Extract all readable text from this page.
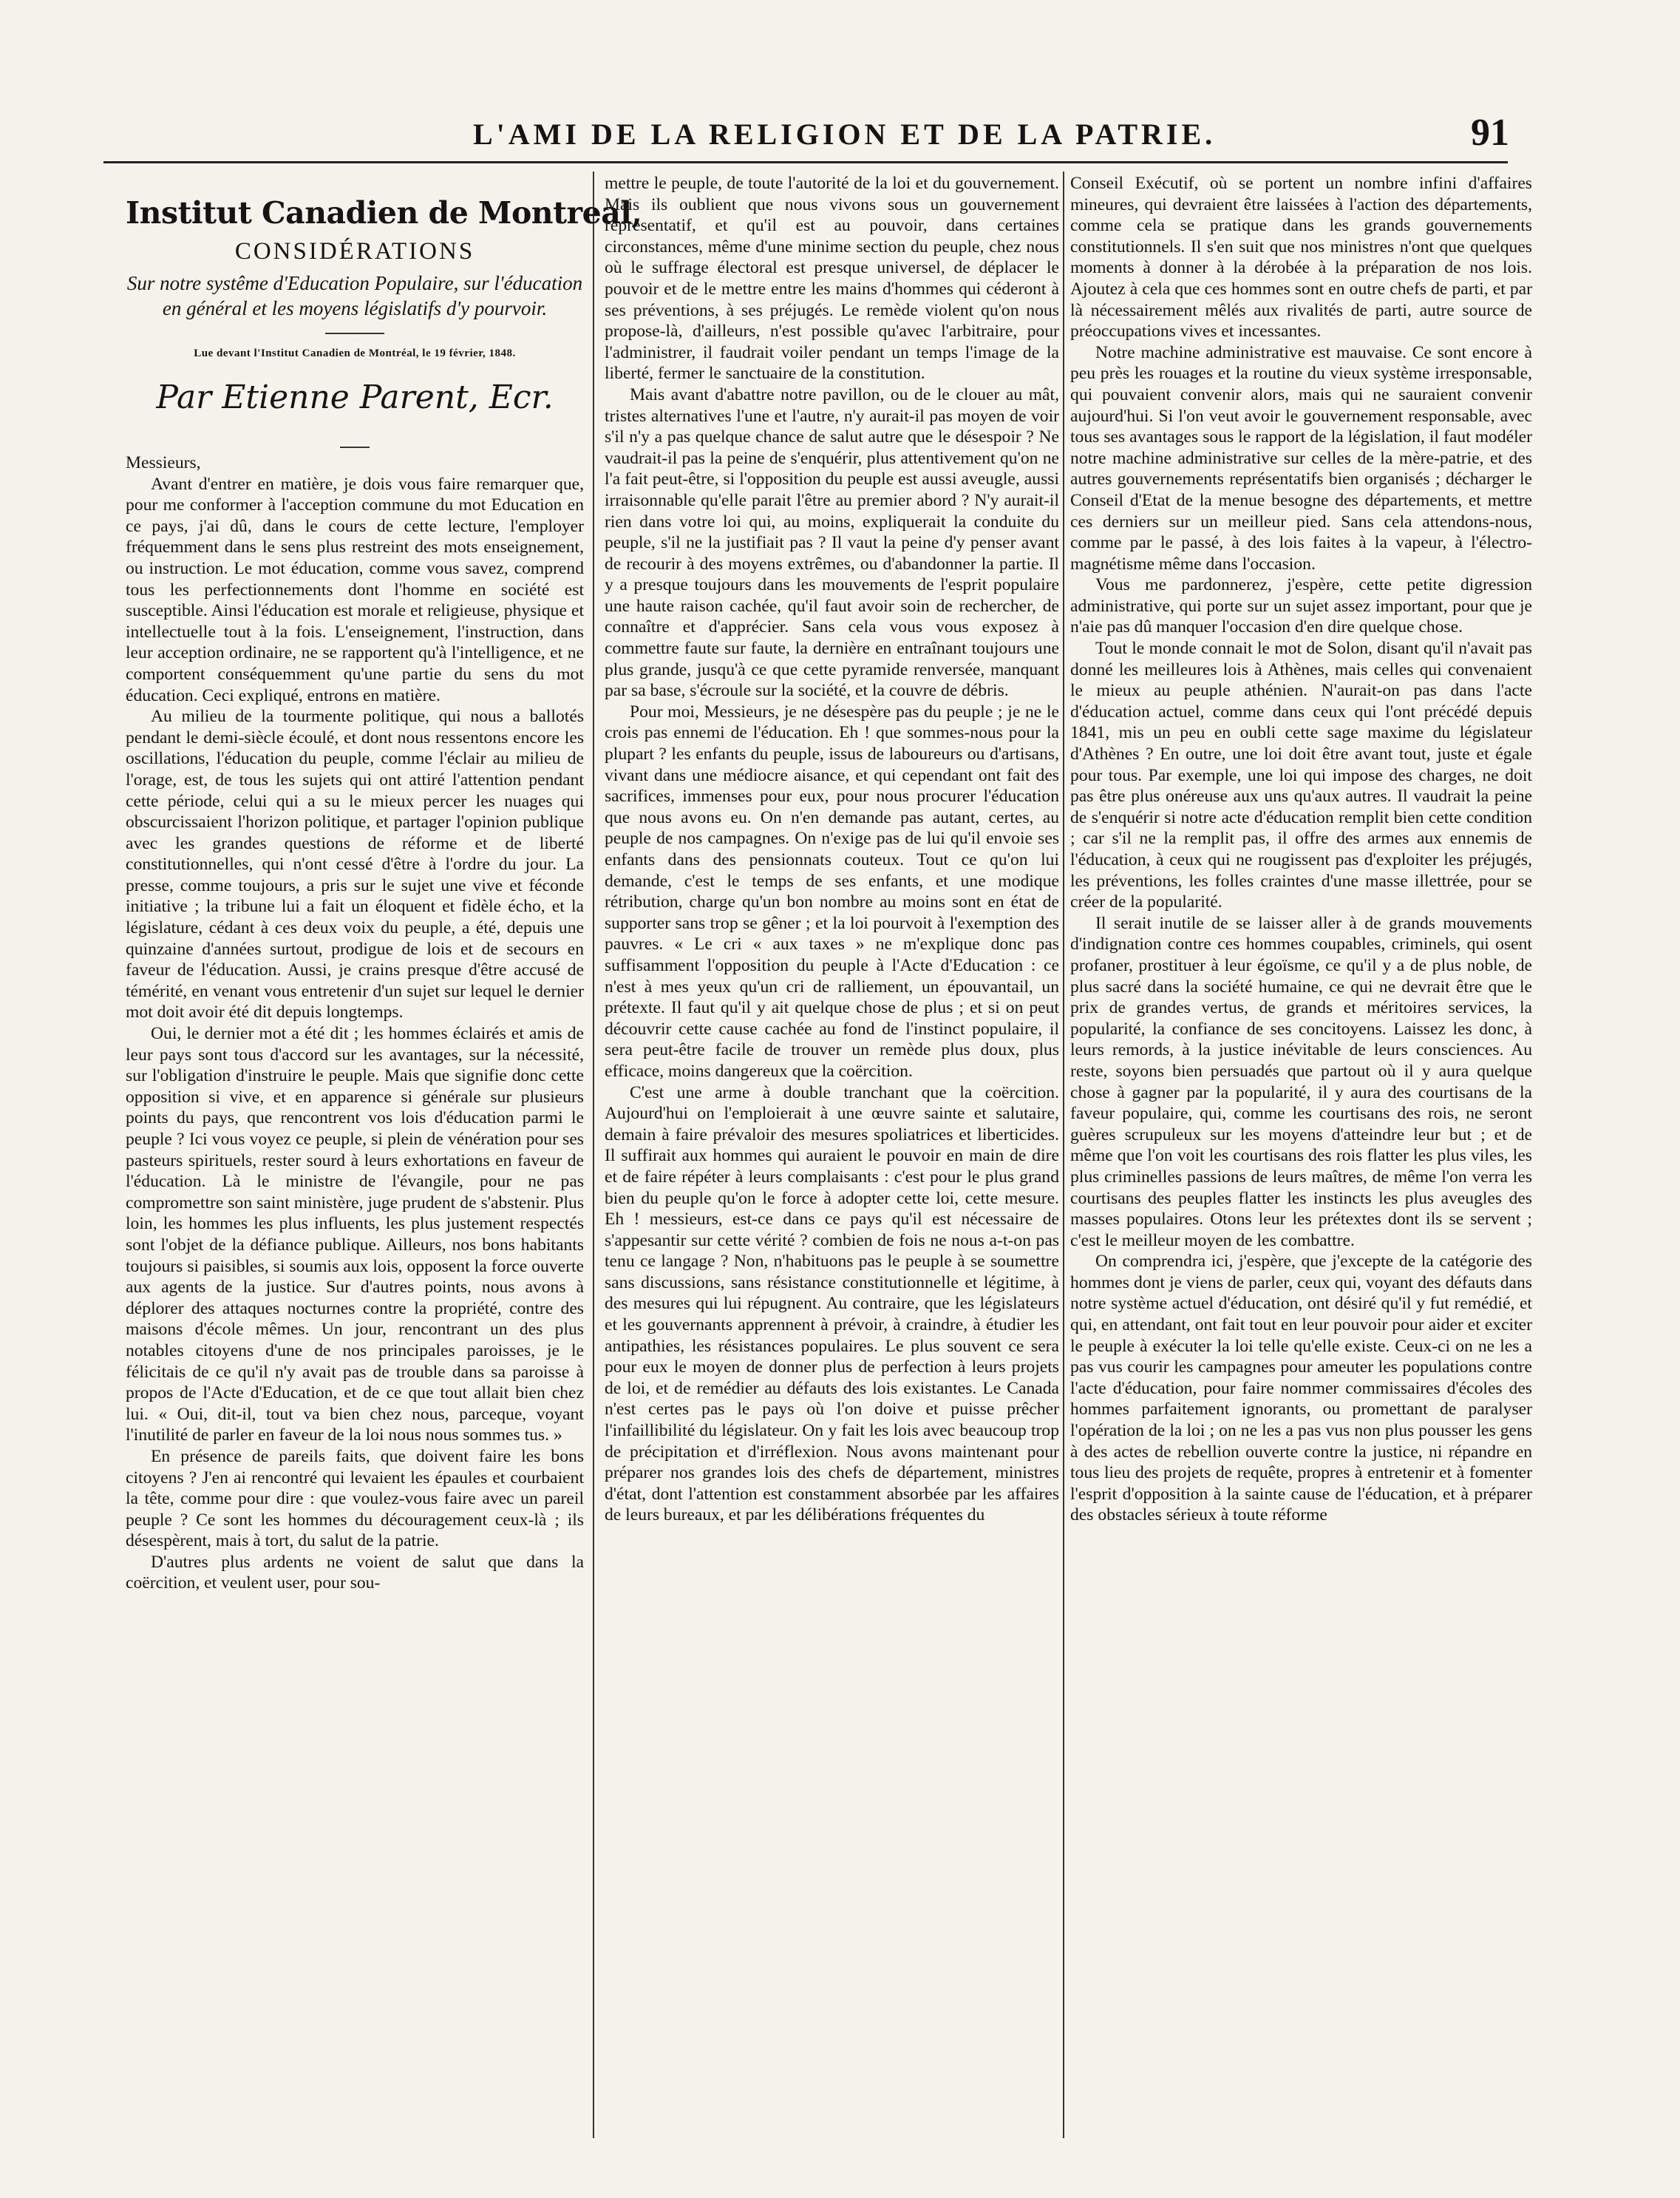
L'AMI DE LA RELIGION ET DE LA PATRIE.	91
Institut Canadien de Montreal,
CONSIDÉRATIONS
Sur notre systême d'Education Populaire, sur l'éducation en général et les moyens législatifs d'y pourvoir.
Lue devant l'Institut Canadien de Montréal, le 19 février, 1848.
Par Etienne Parent, Ecr.

Messieurs,

Avant d'entrer en matière, je dois vous faire remarquer que, pour me conformer à l'acception commune du mot Education en ce pays, j'ai dû, dans le cours de cette lecture, l'employer fréquemment dans le sens plus restreint des mots enseignement, ou instruction. Le mot éducation, comme vous savez, comprend tous les perfectionnements dont l'homme en société est susceptible. Ainsi l'éducation est morale et religieuse, physique et intellectuelle tout à la fois. L'enseignement, l'instruction, dans leur acception ordinaire, ne se rapportent qu'à l'intelligence, et ne comportent conséquemment qu'une partie du sens du mot éducation. Ceci expliqué, entrons en matière.

Au milieu de la tourmente politique, qui nous a ballotés pendant le demi-siècle écoulé, et dont nous ressentons encore les oscillations, l'éducation du peuple, comme l'éclair au milieu de l'orage, est, de tous les sujets qui ont attiré l'attention pendant cette période, celui qui a su le mieux percer les nuages qui obscurcissaient l'horizon politique, et partager l'opinion publique avec les grandes questions de réforme et de liberté constitutionnelles, qui n'ont cessé d'être à l'ordre du jour. La presse, comme toujours, a pris sur le sujet une vive et féconde initiative ; la tribune lui a fait un éloquent et fidèle écho, et la législature, cédant à ces deux voix du peuple, a été, depuis une quinzaine d'années surtout, prodigue de lois et de secours en faveur de l'éducation. Aussi, je crains presque d'être accusé de témérité, en venant vous entretenir d'un sujet sur lequel le dernier mot doit avoir été dit depuis longtemps.

Oui, le dernier mot a été dit ; les hommes éclairés et amis de leur pays sont tous d'accord sur les avantages, sur la nécessité, sur l'obligation d'instruire le peuple. Mais que signifie donc cette opposition si vive, et en apparence si générale sur plusieurs points du pays, que rencontrent vos lois d'éducation parmi le peuple ? Ici vous voyez ce peuple, si plein de vénération pour ses pasteurs spirituels, rester sourd à leurs exhortations en faveur de l'éducation. Là le ministre de l'évangile, pour ne pas compromettre son saint ministère, juge prudent de s'abstenir. Plus loin, les hommes les plus influents, les plus justement respectés sont l'objet de la défiance publique. Ailleurs, nos bons habitants toujours si paisibles, si soumis aux lois, opposent la force ouverte aux agents de la justice. Sur d'autres points, nous avons à déplorer des attaques nocturnes contre la propriété, contre des maisons d'école mêmes. Un jour, rencontrant un des plus notables citoyens d'une de nos principales paroisses, je le félicitais de ce qu'il n'y avait pas de trouble dans sa paroisse à propos de l'Acte d'Education, et de ce que tout allait bien chez lui. « Oui, dit-il, tout va bien chez nous, parceque, voyant l'inutilité de parler en faveur de la loi nous nous sommes tus. »

En présence de pareils faits, que doivent faire les bons citoyens ? J'en ai rencontré qui levaient les épaules et courbaient la tête, comme pour dire : que voulez-vous faire avec un pareil peuple ? Ce sont les hommes du découragement ceux-là ; ils désespèrent, mais à tort, du salut de la patrie.

D'autres plus ardents ne voient de salut que dans la coërcition, et veulent user, pour sou-

mettre le peuple, de toute l'autorité de la loi et du gouvernement. Mais ils oublient que nous vivons sous un gouvernement représentatif, et qu'il est au pouvoir, dans certaines circonstances, même d'une minime section du peuple, chez nous où le suffrage électoral est presque universel, de déplacer le pouvoir et de le mettre entre les mains d'hommes qui céderont à ses préventions, à ses préjugés. Le remède violent qu'on nous propose-là, d'ailleurs, n'est possible qu'avec l'arbitraire, pour l'administrer, il faudrait voiler pendant un temps l'image de la liberté, fermer le sanctuaire de la constitution.

Mais avant d'abattre notre pavillon, ou de le clouer au mât, tristes alternatives l'une et l'autre, n'y aurait-il pas moyen de voir s'il n'y a pas quelque chance de salut autre que le désespoir ? Ne vaudrait-il pas la peine de s'enquérir, plus attentivement qu'on ne l'a fait peut-être, si l'opposition du peuple est aussi aveugle, aussi irraisonnable qu'elle parait l'être au premier abord ? N'y aurait-il rien dans votre loi qui, au moins, expliquerait la conduite du peuple, s'il ne la justifiait pas ? Il vaut la peine d'y penser avant de recourir à des moyens extrêmes, ou d'abandonner la partie. Il y a presque toujours dans les mouvements de l'esprit populaire une haute raison cachée, qu'il faut avoir soin de rechercher, de connaître et d'apprécier. Sans cela vous vous exposez à commettre faute sur faute, la dernière en entraînant toujours une plus grande, jusqu'à ce que cette pyramide renversée, manquant par sa base, s'écroule sur la société, et la couvre de débris.

Pour moi, Messieurs, je ne désespère pas du peuple ; je ne le crois pas ennemi de l'éducation. Eh ! que sommes-nous pour la plupart ? les enfants du peuple, issus de laboureurs ou d'artisans, vivant dans une médiocre aisance, et qui cependant ont fait des sacrifices, immenses pour eux, pour nous procurer l'éducation que nous avons eu. On n'en demande pas autant, certes, au peuple de nos campagnes. On n'exige pas de lui qu'il envoie ses enfants dans des pensionnats couteux. Tout ce qu'on lui demande, c'est le temps de ses enfants, et une modique rétribution, charge qu'un bon nombre au moins sont en état de supporter sans trop se gêner ; et la loi pourvoit à l'exemption des pauvres. « Le cri « aux taxes » ne m'explique donc pas suffisamment l'opposition du peuple à l'Acte d'Education : ce n'est à mes yeux qu'un cri de ralliement, un épouvantail, un prétexte. Il faut qu'il y ait quelque chose de plus ; et si on peut découvrir cette cause cachée au fond de l'instinct populaire, il sera peut-être facile de trouver un remède plus doux, plus efficace, moins dangereux que la coërcition.

C'est une arme à double tranchant que la coërcition. Aujourd'hui on l'emploierait à une œuvre sainte et salutaire, demain à faire prévaloir des mesures spoliatrices et liberticides. Il suffirait aux hommes qui auraient le pouvoir en main de dire et de faire répéter à leurs complaisants : c'est pour le plus grand bien du peuple qu'on le force à adopter cette loi, cette mesure. Eh ! messieurs, est-ce dans ce pays qu'il est nécessaire de s'appesantir sur cette vérité ? combien de fois ne nous a-t-on pas tenu ce langage ? Non, n'habituons pas le peuple à se soumettre sans discussions, sans résistance constitutionnelle et légitime, à des mesures qui lui répugnent. Au contraire, que les législateurs et les gouvernants apprennent à prévoir, à craindre, à étudier les antipathies, les résistances populaires. Le plus souvent ce sera pour eux le moyen de donner plus de perfection à leurs projets de loi, et de remédier au défauts des lois existantes. Le Canada n'est certes pas le pays où l'on doive et puisse prêcher l'infaillibilité du législateur. On y fait les lois avec beaucoup trop de précipitation et d'irréflexion. Nous avons maintenant pour préparer nos grandes lois des chefs de département, ministres d'état, dont l'attention est constamment absorbée par les affaires de leurs bureaux, et par les délibérations fréquentes du

Conseil Exécutif, où se portent un nombre infini d'affaires mineures, qui devraient être laissées à l'action des départements, comme cela se pratique dans les grands gouvernements constitutionnels. Il s'en suit que nos ministres n'ont que quelques moments à donner à la dérobée à la préparation de nos lois. Ajoutez à cela que ces hommes sont en outre chefs de parti, et par là nécessairement mêlés aux rivalités de parti, autre source de préoccupations vives et incessantes.

Notre machine administrative est mauvaise. Ce sont encore à peu près les rouages et la routine du vieux système irresponsable, qui pouvaient convenir alors, mais qui ne sauraient convenir aujourd'hui. Si l'on veut avoir le gouvernement responsable, avec tous ses avantages sous le rapport de la législation, il faut modéler notre machine administrative sur celles de la mère-patrie, et des autres gouvernements représentatifs bien organisés ; décharger le Conseil d'Etat de la menue besogne des départements, et mettre ces derniers sur un meilleur pied. Sans cela attendons-nous, comme par le passé, à des lois faites à la vapeur, à l'électro-magnétisme même dans l'occasion.

Vous me pardonnerez, j'espère, cette petite digression administrative, qui porte sur un sujet assez important, pour que je n'aie pas dû manquer l'occasion d'en dire quelque chose.

Tout le monde connait le mot de Solon, disant qu'il n'avait pas donné les meilleures lois à Athènes, mais celles qui convenaient le mieux au peuple athénien. N'aurait-on pas dans l'acte d'éducation actuel, comme dans ceux qui l'ont précédé depuis 1841, mis un peu en oubli cette sage maxime du législateur d'Athènes ? En outre, une loi doit être avant tout, juste et égale pour tous. Par exemple, une loi qui impose des charges, ne doit pas être plus onéreuse aux uns qu'aux autres. Il vaudrait la peine de s'enquérir si notre acte d'éducation remplit bien cette condition ; car s'il ne la remplit pas, il offre des armes aux ennemis de l'éducation, à ceux qui ne rougissent pas d'exploiter les préjugés, les préventions, les folles craintes d'une masse illettrée, pour se créer de la popularité.

Il serait inutile de se laisser aller à de grands mouvements d'indignation contre ces hommes coupables, criminels, qui osent profaner, prostituer à leur égoïsme, ce qu'il y a de plus noble, de plus sacré dans la société humaine, ce qui ne devrait être que le prix de grandes vertus, de grands et méritoires services, la popularité, la confiance de ses concitoyens. Laissez les donc, à leurs remords, à la justice inévitable de leurs consciences. Au reste, soyons bien persuadés que partout où il y aura quelque chose à gagner par la popularité, il y aura des courtisans de la faveur populaire, qui, comme les courtisans des rois, ne seront guères scrupuleux sur les moyens d'atteindre leur but ; et de même que l'on voit les courtisans des rois flatter les plus viles, les plus criminelles passions de leurs maîtres, de même l'on verra les courtisans des peuples flatter les instincts les plus aveugles des masses populaires. Otons leur les prétextes dont ils se servent ; c'est le meilleur moyen de les combattre.

On comprendra ici, j'espère, que j'excepte de la catégorie des hommes dont je viens de parler, ceux qui, voyant des défauts dans notre système actuel d'éducation, ont désiré qu'il y fut remédié, et qui, en attendant, ont fait tout en leur pouvoir pour aider et exciter le peuple à exécuter la loi telle qu'elle existe. Ceux-ci on ne les a pas vus courir les campagnes pour ameuter les populations contre l'acte d'éducation, pour faire nommer commissaires d'écoles des hommes parfaitement ignorants, ou promettant de paralyser l'opération de la loi ; on ne les a pas vus non plus pousser les gens à des actes de rebellion ouverte contre la justice, ni répandre en tous lieu des projets de requête, propres à entretenir et à fomenter l'esprit d'opposition à la sainte cause de l'éducation, et à préparer des obstacles sérieux à toute réforme
